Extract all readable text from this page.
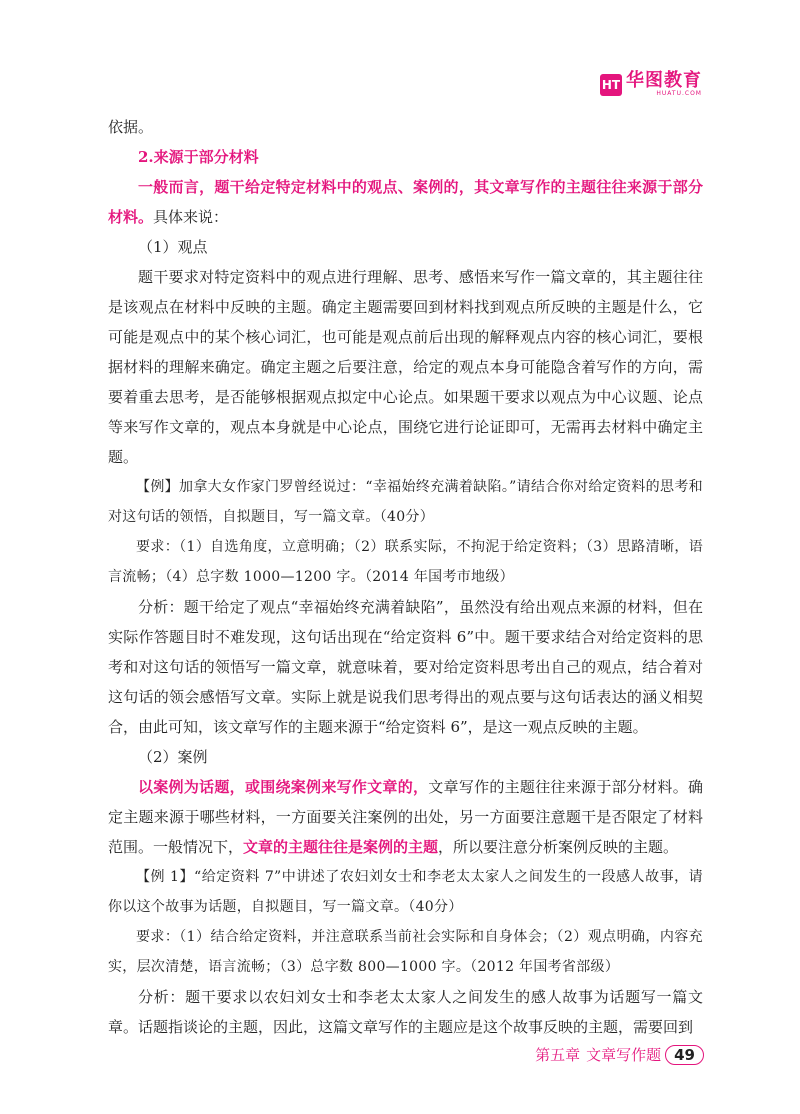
HT 华图教育
HUATU.COM

依据。

2.来源于部分材料

一般而言，题干给定特定材料中的观点、案例的，其文章写作的主题往往来源于部分材料。具体来说：

（1）观点

题干要求对特定资料中的观点进行理解、思考、感悟来写作一篇文章的，其主题往往是该观点在材料中反映的主题。确定主题需要回到材料找到观点所反映的主题是什么，它可能是观点中的某个核心词汇，也可能是观点前后出现的解释观点内容的核心词汇，要根据材料的理解来确定。确定主题之后要注意，给定的观点本身可能隐含着写作的方向，需要着重去思考，是否能够根据观点拟定中心论点。如果题干要求以观点为中心议题、论点等来写作文章的，观点本身就是中心论点，围绕它进行论证即可，无需再去材料中确定主题。

【例】加拿大女作家门罗曾经说过：“幸福始终充满着缺陷。”请结合你对给定资料的思考和对这句话的领悟，自拟题目，写一篇文章。（40分）

要求：（1）自选角度，立意明确；（2）联系实际，不拘泥于给定资料；（3）思路清晰，语言流畅；（4）总字数 1000—1200 字。（2014 年国考市地级）

分析：题干给定了观点“幸福始终充满着缺陷”，虽然没有给出观点来源的材料，但在实际作答题目时不难发现，这句话出现在“给定资料 6”中。题干要求结合对给定资料的思考和对这句话的领悟写一篇文章，就意味着，要对给定资料思考出自己的观点，结合着对这句话的领会感悟写文章。实际上就是说我们思考得出的观点要与这句话表达的涵义相契合，由此可知，该文章写作的主题来源于“给定资料 6”，是这一观点反映的主题。

（2）案例

以案例为话题，或围绕案例来写作文章的，文章写作的主题往往来源于部分材料。确定主题来源于哪些材料，一方面要关注案例的出处，另一方面要注意题干是否限定了材料范围。一般情况下，文章的主题往往是案例的主题，所以要注意分析案例反映的主题。

【例 1】“给定资料 7”中讲述了农妇刘女士和李老太太家人之间发生的一段感人故事，请你以这个故事为话题，自拟题目，写一篇文章。（40分）

要求：（1）结合给定资料，并注意联系当前社会实际和自身体会；（2）观点明确，内容充实，层次清楚，语言流畅；（3）总字数 800—1000 字。（2012 年国考省部级）

分析：题干要求以农妇刘女士和李老太太家人之间发生的感人故事为话题写一篇文章。话题指谈论的主题，因此，这篇文章写作的主题应是这个故事反映的主题，需要回到

第五章 文章写作题 49
